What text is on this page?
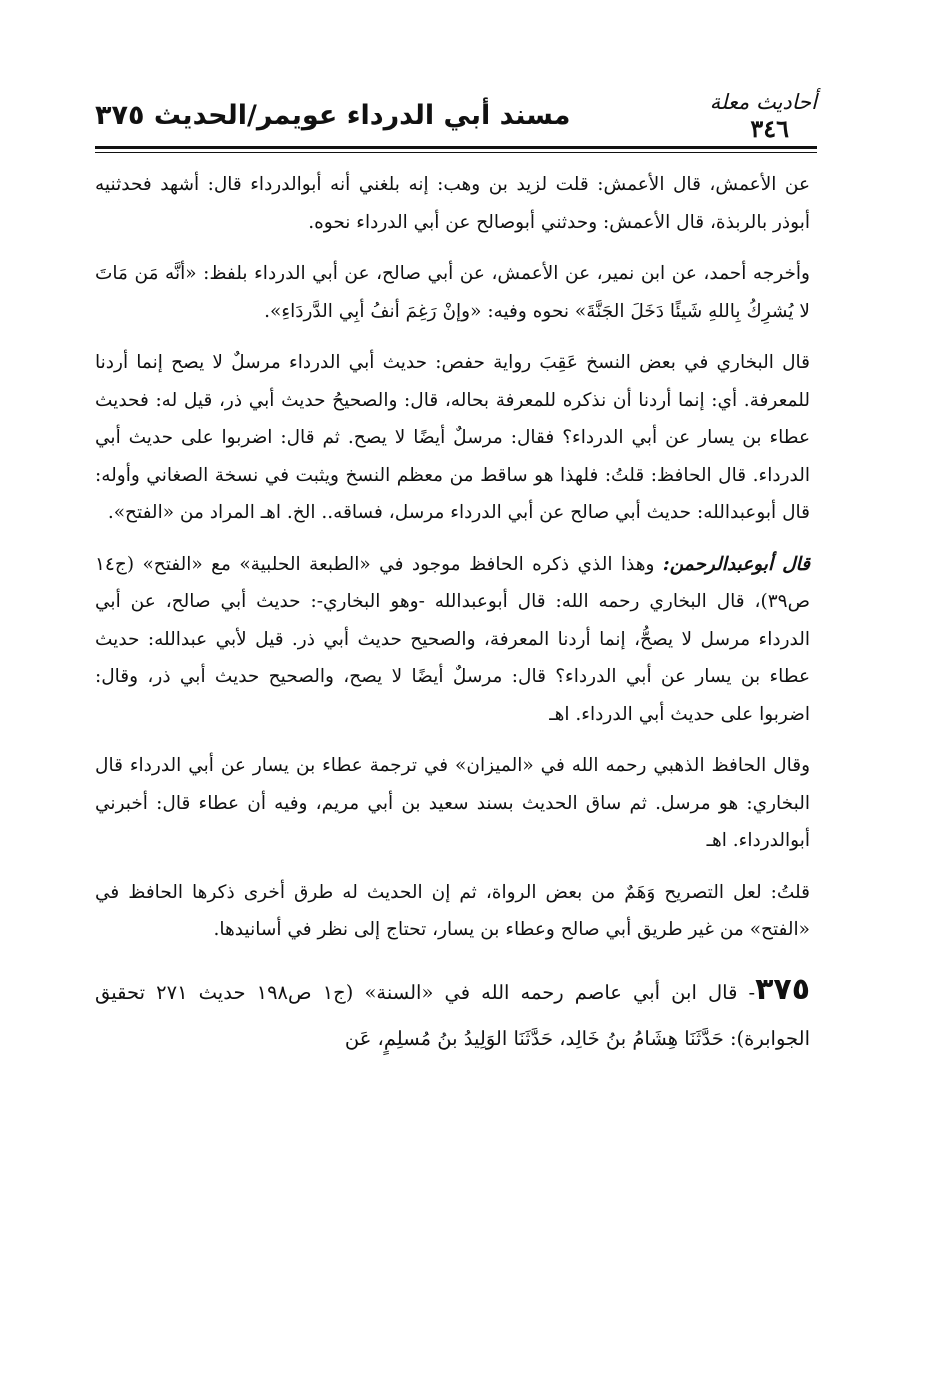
أحاديث معلة
٣٤٦
مسند أبي الدرداء عويمر/الحديث ٣٧٥

عن الأعمش، قال الأعمش: قلت لزيد بن وهب: إنه بلغني أنه أبوالدرداء قال: أشهد فحدثنيه أبوذر بالربذة، قال الأعمش: وحدثني أبوصالح عن أبي الدرداء نحوه.

وأخرجه أحمد، عن ابن نمير، عن الأعمش، عن أبي صالح، عن أبي الدرداء بلفظ: «أنَّه مَن مَاتَ لا يُشرِكُ بِاللهِ شَيئًا دَخَلَ الجَنَّةَ» نحوه وفيه: «وإنْ رَغِمَ أنفُ أبِي الدَّردَاءِ».

قال البخاري في بعض النسخ عَقِبَ رواية حفص: حديث أبي الدرداء مرسلٌ لا يصح إنما أردنا للمعرفة. أي: إنما أردنا أن نذكره للمعرفة بحاله، قال: والصحيحُ حديث أبي ذر، قيل له: فحديث عطاء بن يسار عن أبي الدرداء؟ فقال: مرسلٌ أيضًا لا يصح. ثم قال: اضربوا على حديث أبي الدرداء. قال الحافظ: قلتُ: فلهذا هو ساقط من معظم النسخ ويثبت في نسخة الصغاني وأوله: قال أبوعبدالله: حديث أبي صالح عن أبي الدرداء مرسل، فساقه.. الخ. اهـ المراد من «الفتح».

قال أبوعبدالرحمن: وهذا الذي ذكره الحافظ موجود في «الطبعة الحلبية» مع «الفتح» (ج١٤ ص٣٩)، قال البخاري رحمه الله: قال أبوعبدالله -وهو البخاري-: حديث أبي صالح، عن أبي الدرداء مرسل لا يصحُّ، إنما أردنا المعرفة، والصحيح حديث أبي ذر. قيل لأبي عبدالله: حديث عطاء بن يسار عن أبي الدرداء؟ قال: مرسلٌ أيضًا لا يصح، والصحيح حديث أبي ذر، وقال: اضربوا على حديث أبي الدرداء. اهـ

وقال الحافظ الذهبي رحمه الله في «الميزان» في ترجمة عطاء بن يسار عن أبي الدرداء قال البخاري: هو مرسل. ثم ساق الحديث بسند سعيد بن أبي مريم، وفيه أن عطاء قال: أخبرني أبوالدرداء. اهـ

قلتُ: لعل التصريح وَهَمٌ من بعض الرواة، ثم إن الحديث له طرق أخرى ذكرها الحافظ في «الفتح» من غير طريق أبي صالح وعطاء بن يسار، تحتاج إلى نظر في أسانيدها.

٣٧٥- قال ابن أبي عاصم رحمه الله في «السنة» (ج١ ص١٩٨ حديث ٢٧١ تحقيق الجوابرة): حَدَّثَنَا هِشَامُ بنُ خَالِد، حَدَّثَنَا الوَلِيدُ بنُ مُسلِمٍ، عَن
